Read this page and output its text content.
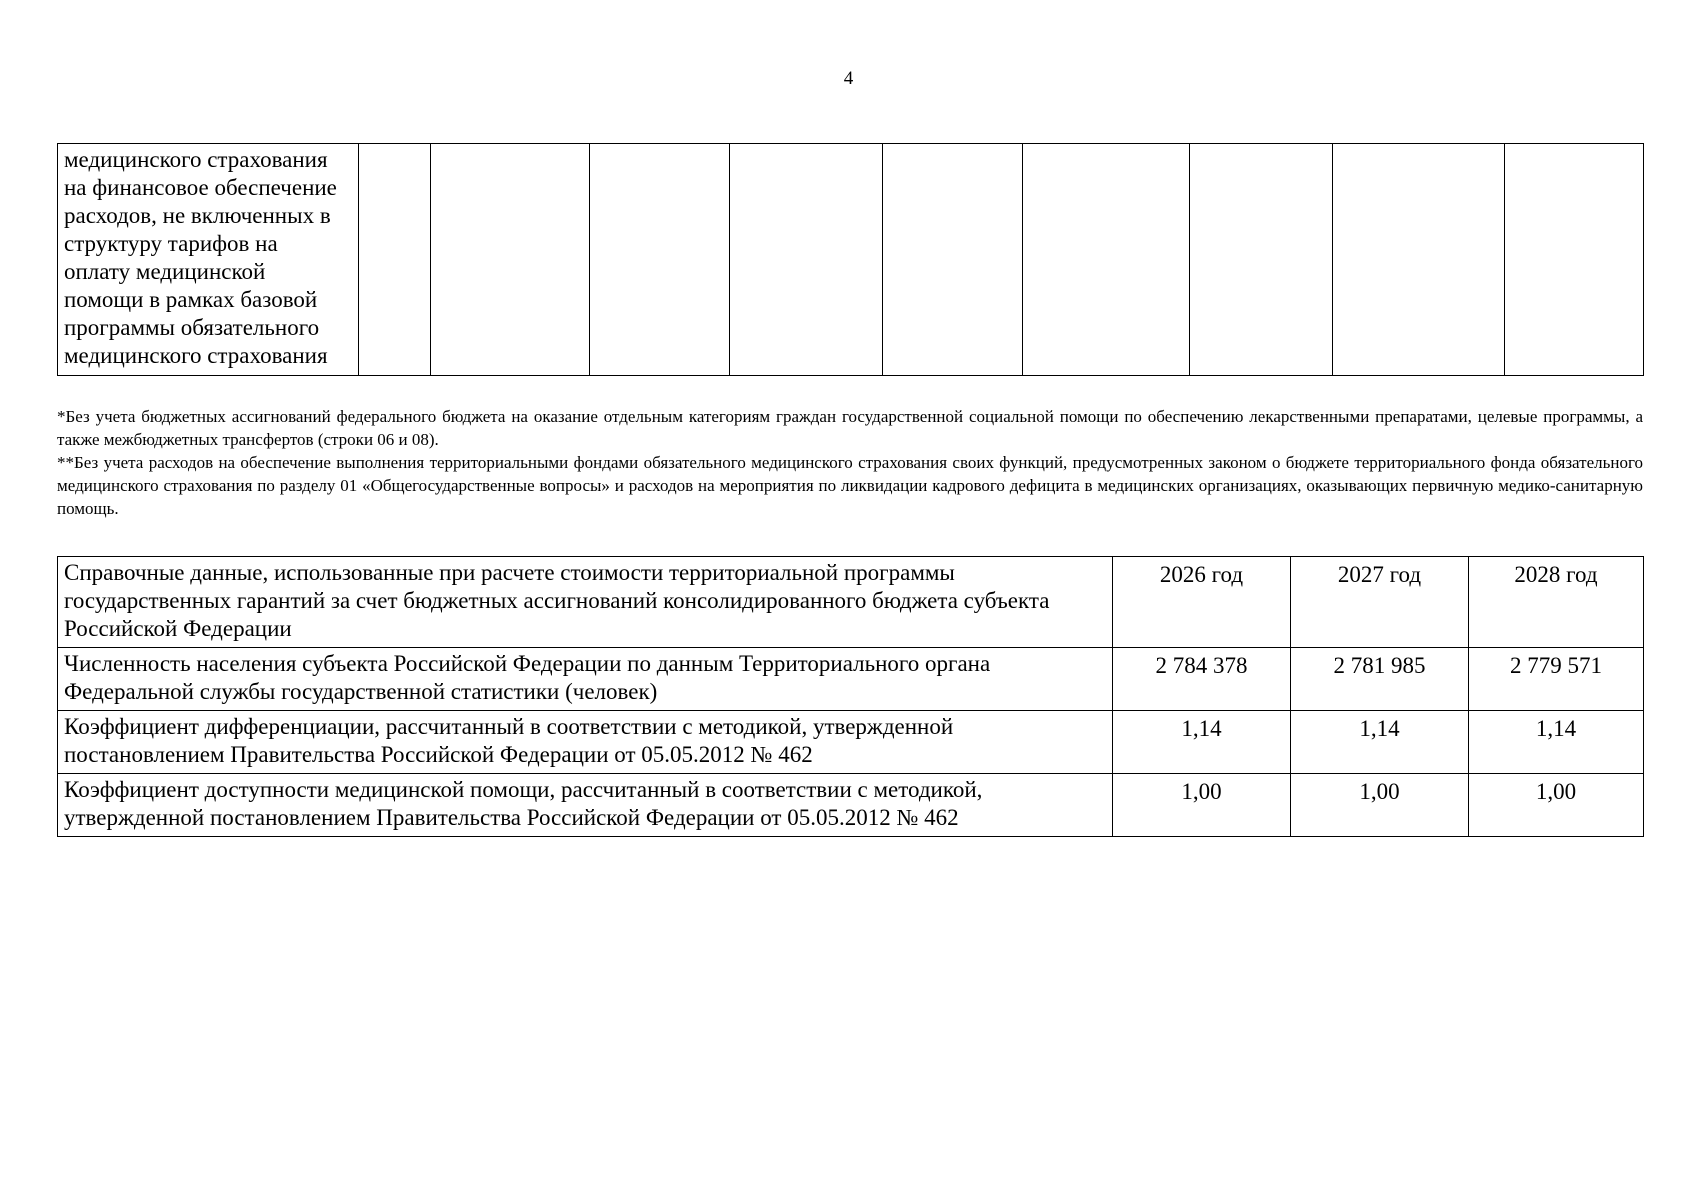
4
медицинского страхования
на финансовое обеспечение
расходов, не включенных в
структуру тарифов на
оплату медицинской
помощи в рамках базовой
программы обязательного
медицинского страхования									

*Без учета бюджетных ассигнований федерального бюджета на оказание отдельным категориям граждан государственной социальной помощи по обеспечению лекарственными препаратами, целевые программы, а также межбюджетных трансфертов (строки 06 и 08).

**Без учета расходов на обеспечение выполнения территориальными фондами обязательного медицинского страхования своих функций, предусмотренных законом о бюджете территориального фонда обязательного медицинского страхования по разделу 01 «Общегосударственные вопросы» и расходов на мероприятия по ликвидации кадрового дефицита в медицинских организациях, оказывающих первичную медико-санитарную помощь.

Справочные данные, использованные при расчете стоимости территориальной программы государственных гарантий за счет бюджетных ассигнований консолидированного бюджета субъекта Российской Федерации	2026 год	2027 год	2028 год
Численность населения субъекта Российской Федерации по данным Территориального органа Федеральной службы государственной статистики (человек)	2 784 378	2 781 985	2 779 571
Коэффициент дифференциации, рассчитанный в соответствии с методикой, утвержденной постановлением Правительства Российской Федерации от 05.05.2012 № 462	1,14	1,14	1,14
Коэффициент доступности медицинской помощи, рассчитанный в соответствии с методикой, утвержденной постановлением Правительства Российской Федерации от 05.05.2012 № 462	1,00	1,00	1,00
